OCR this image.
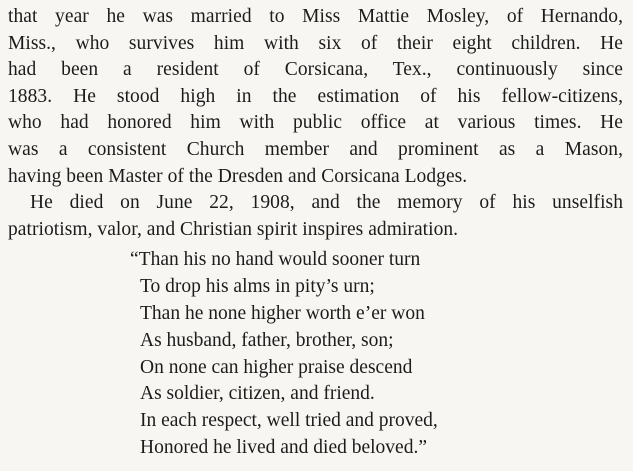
that year he was married to Miss Mattie Mosley, of Hernando,
Miss., who survives him with six of their eight children. He
had been a resident of Corsicana, Tex., continuously since
1883. He stood high in the estimation of his fellow-citizens,
who had honored him with public office at various times. He
was a consistent Church member and prominent as a Mason,
having been Master of the Dresden and Corsicana Lodges.

He died on June 22, 1908, and the memory of his unselfish
patriotism, valor, and Christian spirit inspires admiration.

“Than his no hand would sooner turn
To drop his alms in pity’s urn;
Than he none higher worth e’er won
As husband, father, brother, son;
On none can higher praise descend
As soldier, citizen, and friend.
In each respect, well tried and proved,
Honored he lived and died beloved.”
